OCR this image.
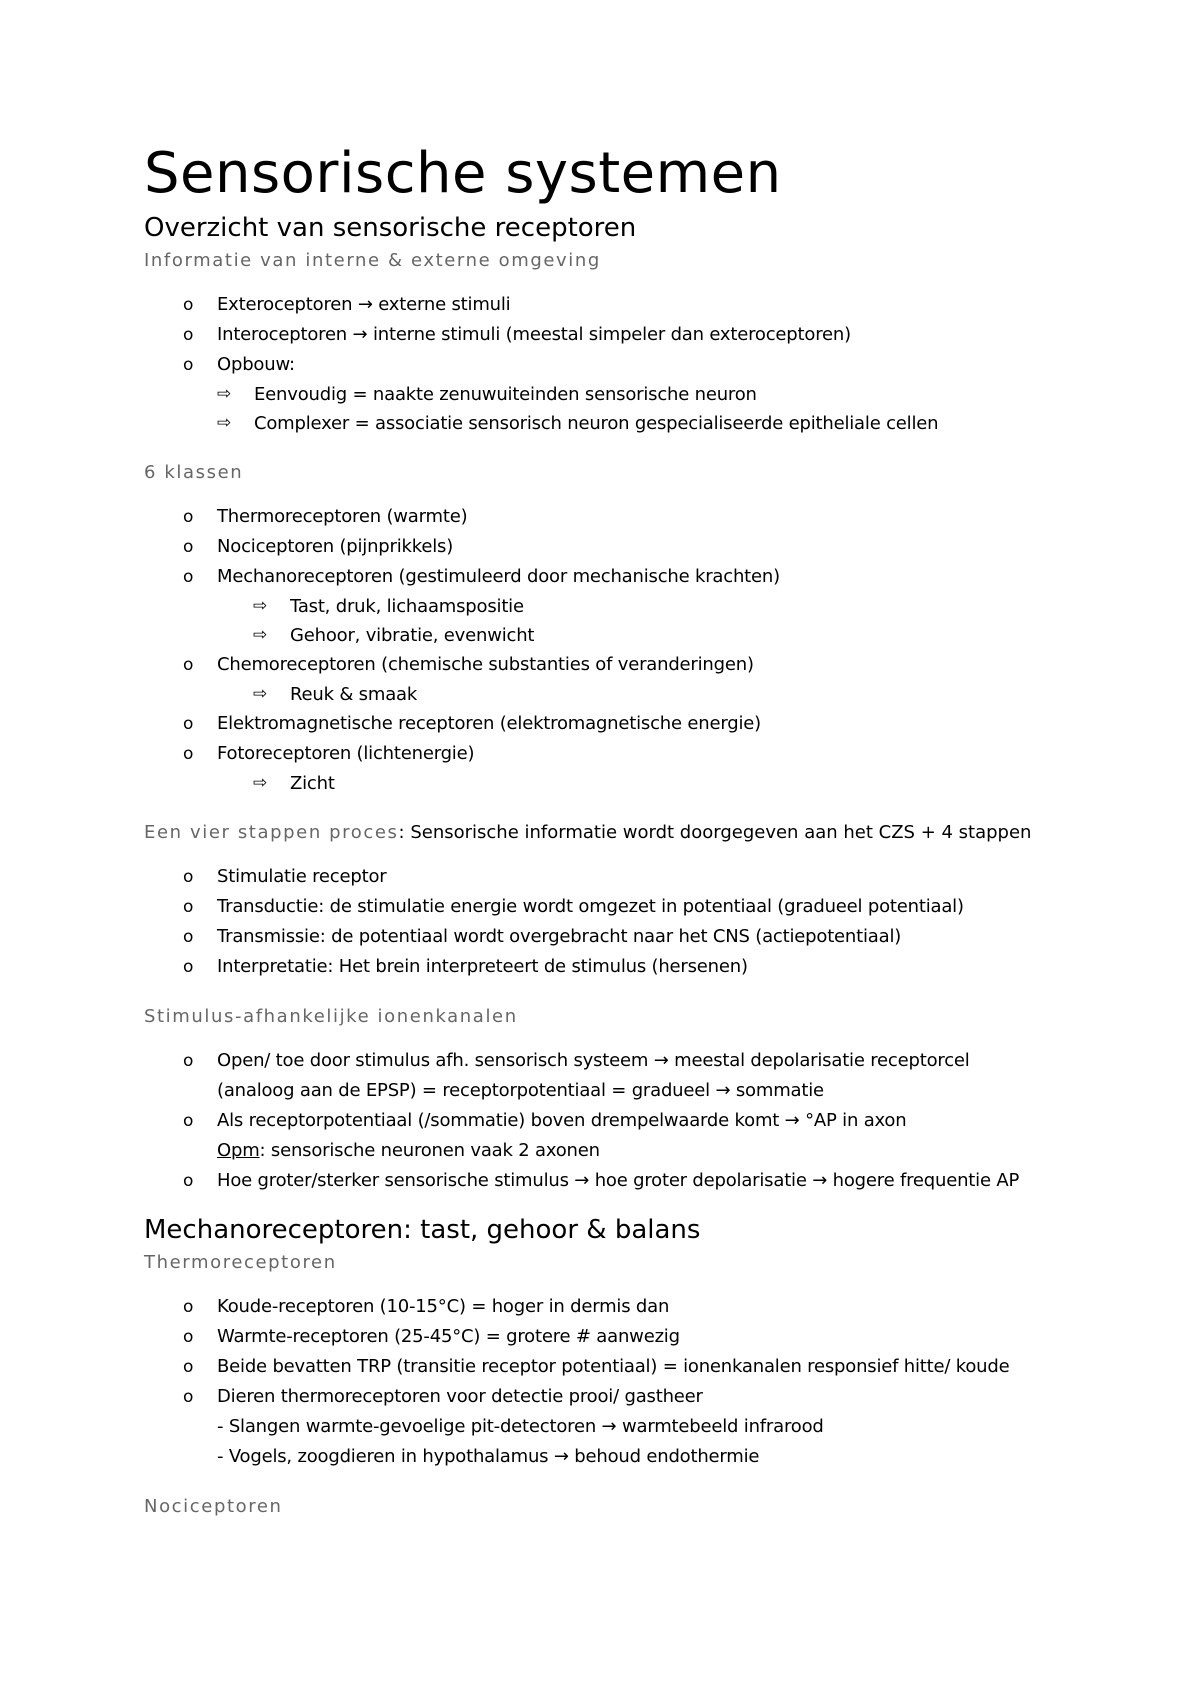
Sensorische systemen
Overzicht van sensorische receptoren
Informatie van interne & externe omgeving
o Exteroceptoren → externe stimuli
o Interoceptoren → interne stimuli (meestal simpeler dan exteroceptoren)
o Opbouw:
⇨ Eenvoudig = naakte zenuwuiteinden sensorische neuron
⇨ Complexer = associatie sensorisch neuron gespecialiseerde epitheliale cellen
6 klassen
o Thermoreceptoren (warmte)
o Nociceptoren (pijnprikkels)
o Mechanoreceptoren (gestimuleerd door mechanische krachten)
⇨ Tast, druk, lichaamspositie
⇨ Gehoor, vibratie, evenwicht
o Chemoreceptoren (chemische substanties of veranderingen)
⇨ Reuk & smaak
o Elektromagnetische receptoren (elektromagnetische energie)
o Fotoreceptoren (lichtenergie)
⇨ Zicht
Een vier stappen proces: Sensorische informatie wordt doorgegeven aan het CZS + 4 stappen
o Stimulatie receptor
o Transductie: de stimulatie energie wordt omgezet in potentiaal (gradueel potentiaal)
o Transmissie: de potentiaal wordt overgebracht naar het CNS (actiepotentiaal)
o Interpretatie: Het brein interpreteert de stimulus (hersenen)
Stimulus-afhankelijke ionenkanalen
o Open/ toe door stimulus afh. sensorisch systeem → meestal depolarisatie receptorcel
(analoog aan de EPSP) = receptorpotentiaal = gradueel → sommatie
o Als receptorpotentiaal (/sommatie) boven drempelwaarde komt → °AP in axon
Opm: sensorische neuronen vaak 2 axonen
o Hoe groter/sterker sensorische stimulus → hoe groter depolarisatie → hogere frequentie AP
Mechanoreceptoren: tast, gehoor & balans
Thermoreceptoren
o Koude-receptoren (10-15°C) = hoger in dermis dan
o Warmte-receptoren (25-45°C) = grotere # aanwezig
o Beide bevatten TRP (transitie receptor potentiaal) = ionenkanalen responsief hitte/ koude
o Dieren thermoreceptoren voor detectie prooi/ gastheer
- Slangen warmte-gevoelige pit-detectoren → warmtebeeld infrarood
- Vogels, zoogdieren in hypothalamus → behoud endothermie
Nociceptoren
